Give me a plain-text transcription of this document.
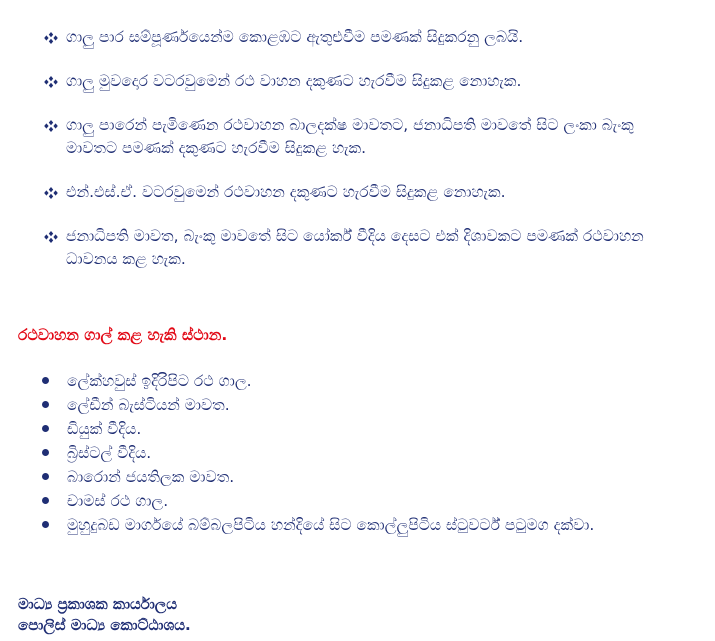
ගාලු පාර සම්පූර්ණයෙන්ම කොළඹට ඇතුළුවීම පමණක් සිදුකරනු ලබයි.
ගාලු මුවදොර වටරවුමෙන් රථ වාහන දකුණට හැරවීම සිදුකළ නොහැක.
ගාලු පාරෙන් පැමිණෙන රථවාහන බාලදක්ෂ මාවතට, ජනාධිපති මාවතේ සිට ලංකා බැංකු මාවතට පමණක් දකුණට හැරවීම සිදුකළ හැක.
එන්.එස්.ඒ. වටරවුමෙන් රථවාහන දකුණට හැරවීම සිදුකළ නොහැක.
ජනාධිපති මාවත, බැංකු මාවතේ සිට යෝර්ක් වීදිය දෙසට එක් දිශාවකට පමණක් රථවාහන ධාවනය කළ හැක.

රථවාහන ගාල් කළ හැකි ස්ථාන.

ලේක්හවුස් ඉදිරිපිට රථ ගාල.
ලේඩීන් බැස්ටියන් මාවත.
ඩියුක් වීදිය.
බ්‍රිස්ටල් වීදිය.
බාරොන් ජයතිලක මාවත.
චාමස් රථ ගාල.
මුහුදුබඩ මාර්ගයේ බම්බලපිටිය හන්දියේ සිට කොල්ලුපිටිය ස්ටුවර්ට් පටුමග දක්වා.
මාධ්‍ය ප්‍රකාශක කාර්යාලය
පොලිස් මාධ්‍ය කොට්ඨාශය.
